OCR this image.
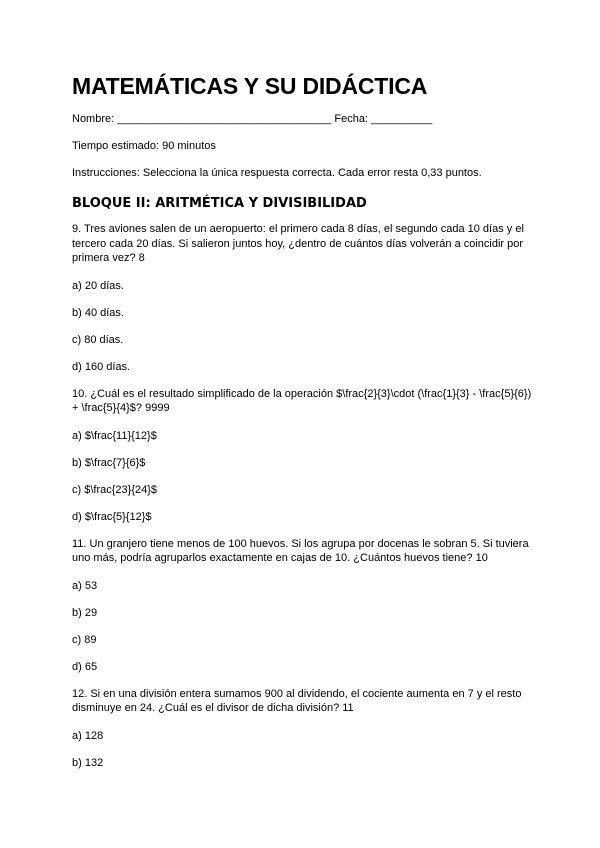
MATEMÁTICAS Y SU DIDÁCTICA

Nombre: ___________________________________ Fecha: __________

Tiempo estimado: 90 minutos

Instrucciones: Selecciona la única respuesta correcta. Cada error resta 0,33 puntos.

BLOQUE II: ARITMÉTICA Y DIVISIBILIDAD

9. Tres aviones salen de un aeropuerto: el primero cada 8 días, el segundo cada 10 días y el tercero cada 20 días. Si salieron juntos hoy, ¿dentro de cuántos días volverán a coincidir por primera vez? 8

a) 20 días.

b) 40 días.

c) 80 días.

d) 160 días.

10. ¿Cuál es el resultado simplificado de la operación $\frac{2}{3}\cdot (\frac{1}{3} - \frac{5}{6}) + \frac{5}{4}$? 9999

a) $\frac{11}{12}$

b) $\frac{7}{6}$

c) $\frac{23}{24}$

d) $\frac{5}{12}$

11. Un granjero tiene menos de 100 huevos. Si los agrupa por docenas le sobran 5. Si tuviera uno más, podría agruparlos exactamente en cajas de 10. ¿Cuántos huevos tiene? 10

a) 53

b) 29

c) 89

d) 65

12. Si en una división entera sumamos 900 al dividendo, el cociente aumenta en 7 y el resto disminuye en 24. ¿Cuál es el divisor de dicha división? 11

a) 128

b) 132
